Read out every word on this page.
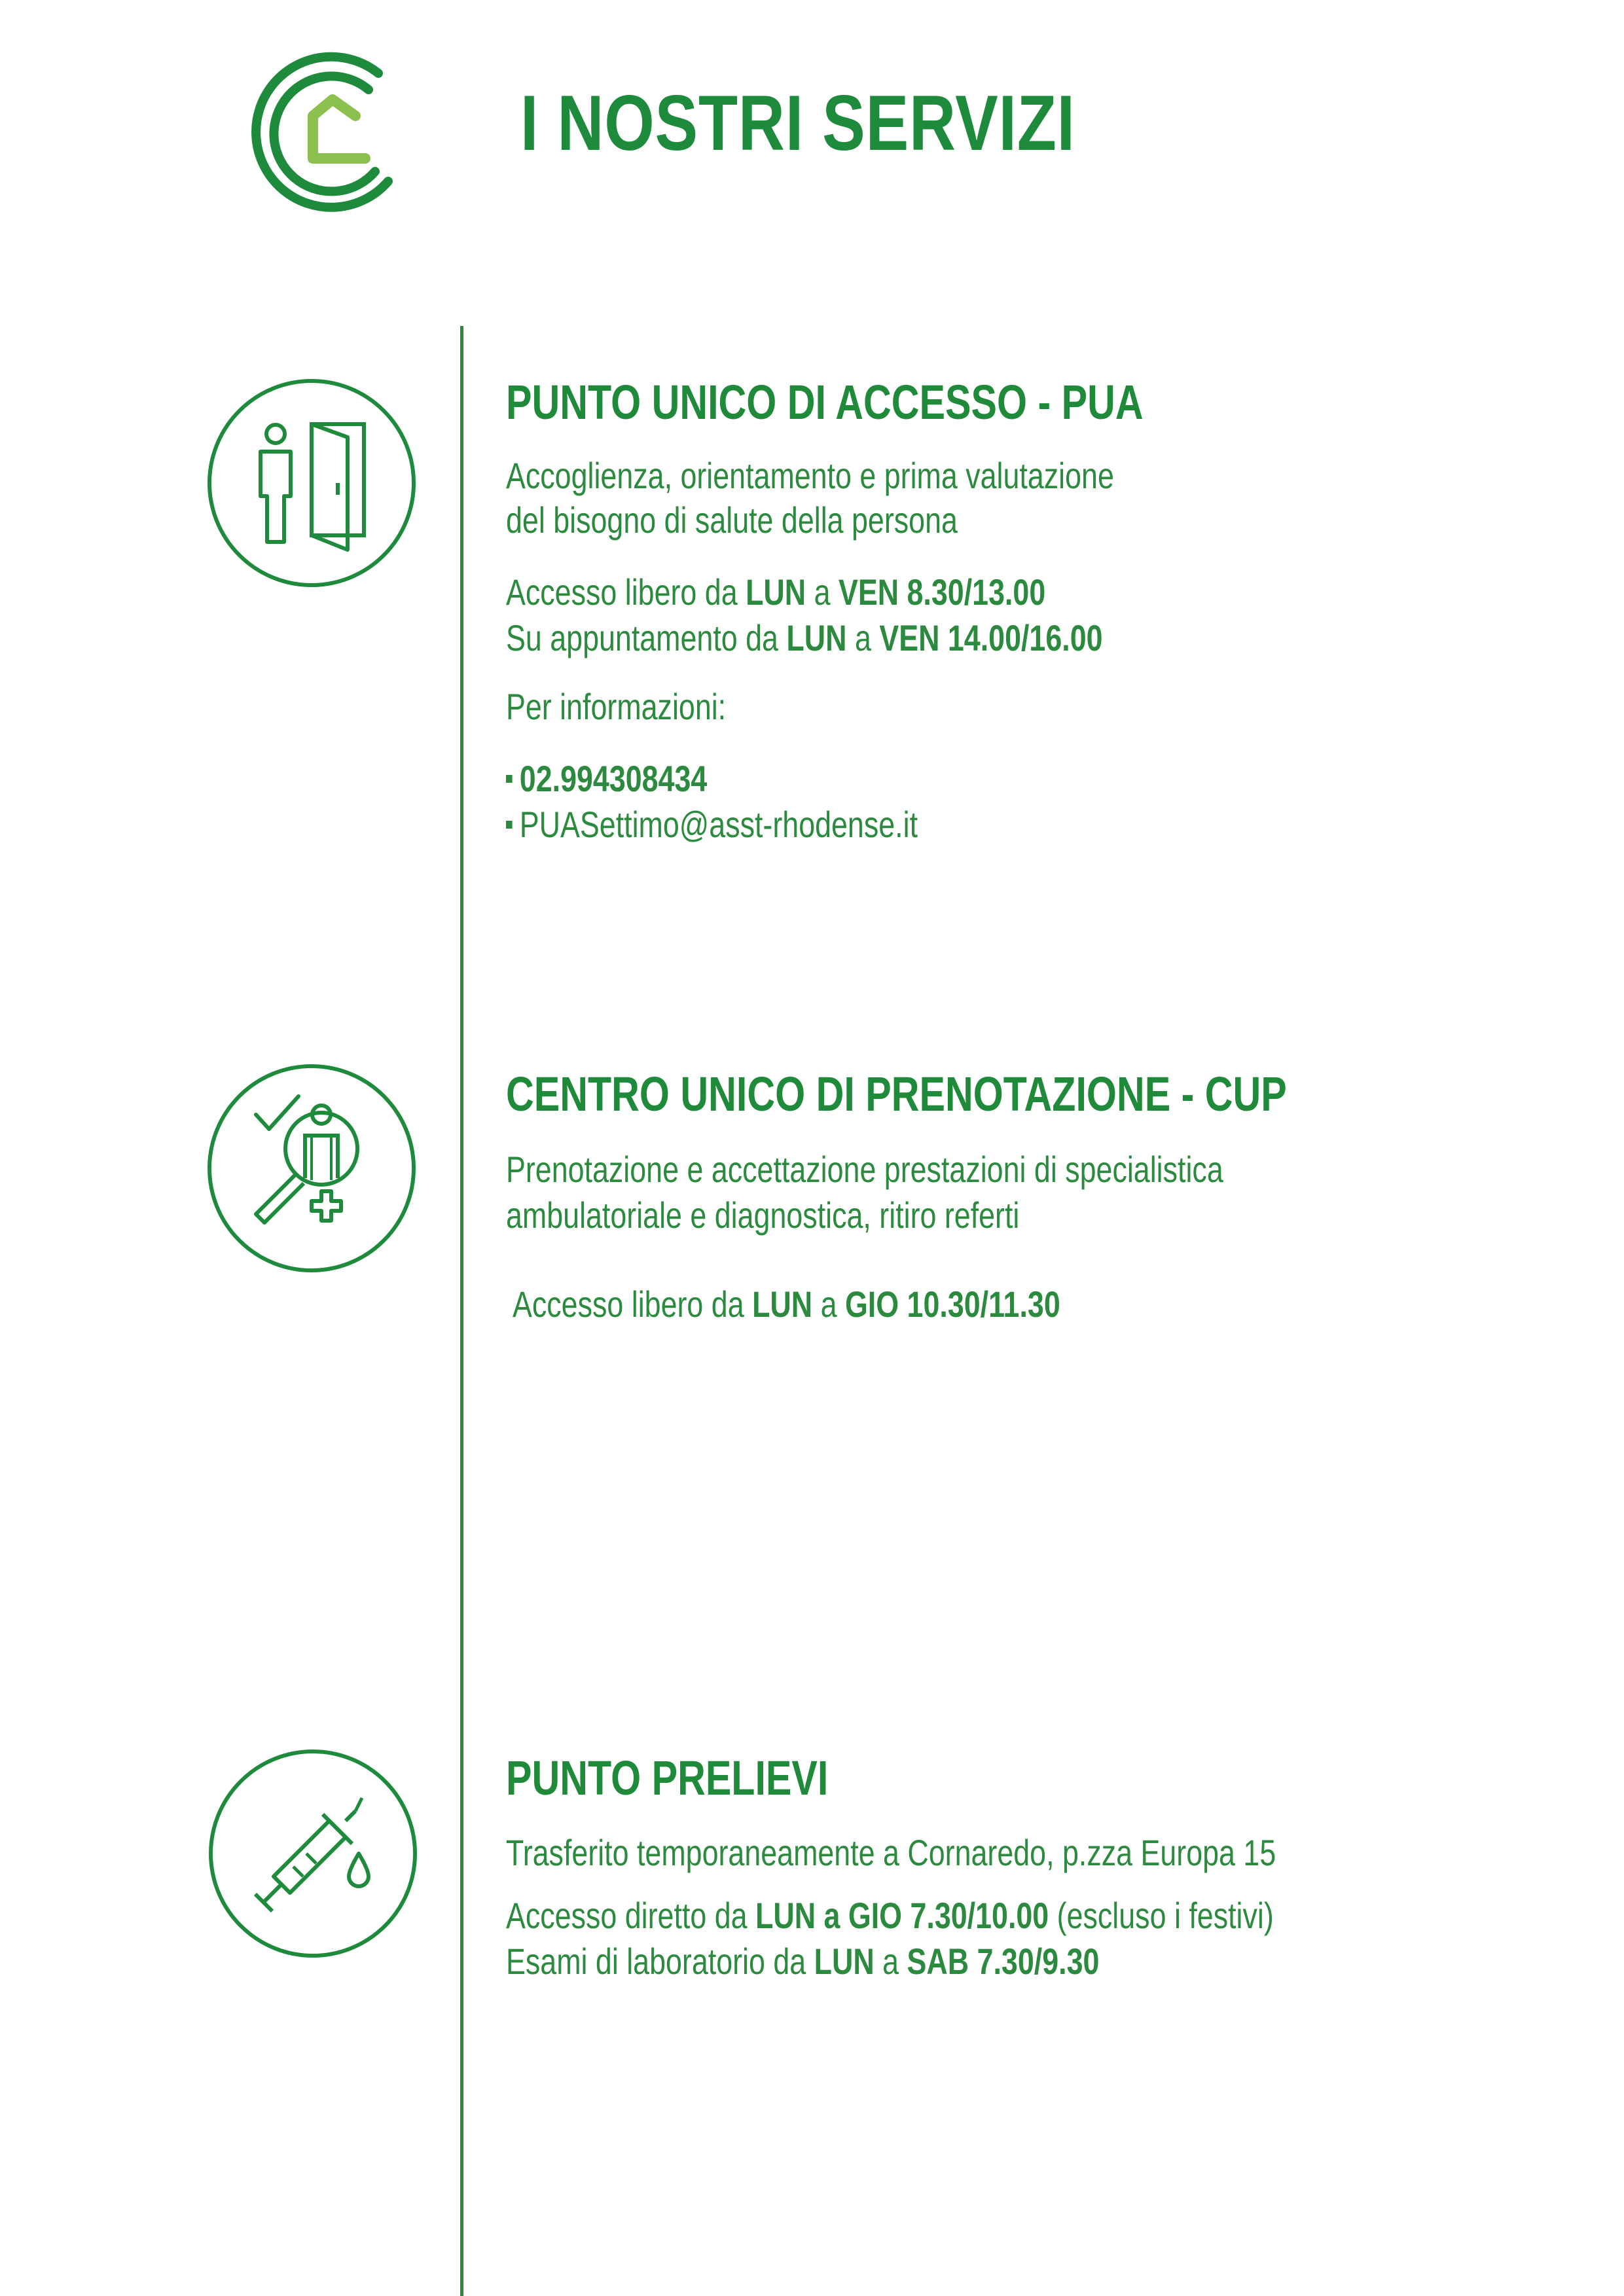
I NOSTRI SERVIZI
PUNTO UNICO DI ACCESSO - PUA

Accoglienza, orientamento e prima valutazione

del bisogno di salute della persona

Accesso libero da LUN a VEN 8.30/13.00

Su appuntamento da LUN a VEN 14.00/16.00

Per informazioni:

02.994308434

PUASettimo@asst-rhodense.it

CENTRO UNICO DI PRENOTAZIONE - CUP

Prenotazione e accettazione prestazioni di specialistica

ambulatoriale e diagnostica, ritiro referti

Accesso libero da LUN a GIO 10.30/11.30

PUNTO PRELIEVI

Trasferito temporaneamente a Cornaredo, p.zza Europa 15

Accesso diretto da LUN a GIO 7.30/10.00 (escluso i festivi)

Esami di laboratorio da LUN a SAB 7.30/9.30
